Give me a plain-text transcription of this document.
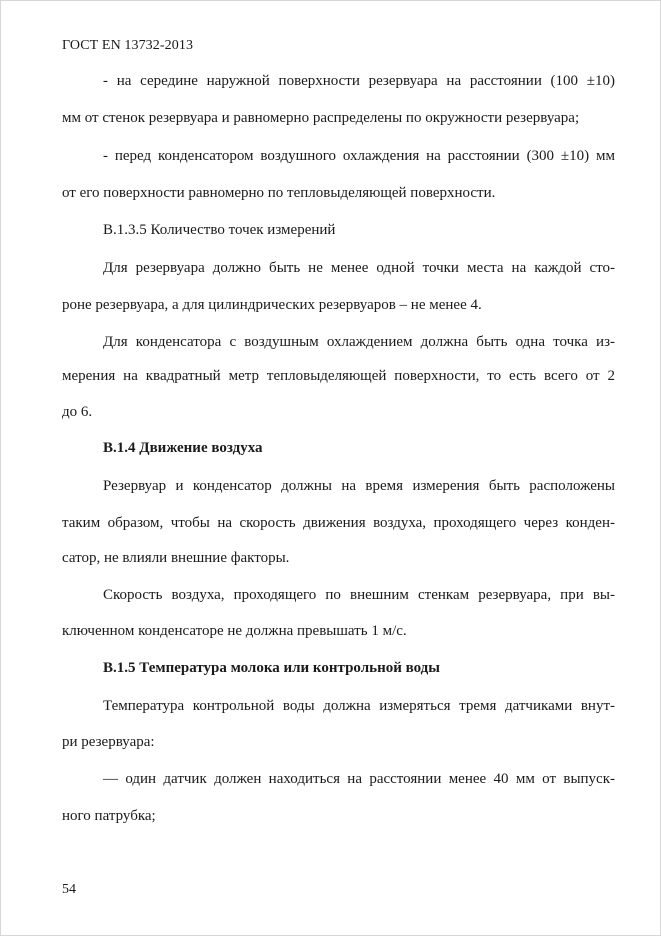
ГОСТ EN 13732-2013
- на середине наружной поверхности резервуара на расстоянии (100 ±10)
мм от стенок резервуара и равномерно распределены по окружности резервуара;
- перед конденсатором воздушного охлаждения на расстоянии (300 ±10) мм
от его поверхности равномерно по тепловыделяющей поверхности.
В.1.3.5 Количество точек измерений
Для резервуара должно быть не менее одной точки места на каждой сто-
роне резервуара, а для цилиндрических резервуаров – не менее 4.
Для конденсатора с воздушным охлаждением должна быть одна точка из-
мерения на квадратный метр тепловыделяющей поверхности, то есть всего от 2
до 6.
В.1.4 Движение воздуха
Резервуар и конденсатор должны на время измерения быть расположены
таким образом, чтобы на скорость движения воздуха, проходящего через конден-
сатор, не влияли внешние факторы.
Скорость воздуха, проходящего по внешним стенкам резервуара, при вы-
ключенном конденсаторе не должна превышать 1 м/с.
В.1.5 Температура молока или контрольной воды
Температура контрольной воды должна измеряться тремя датчиками внут-
ри резервуара:
— один датчик должен находиться на расстоянии менее 40 мм от выпуск-
ного патрубка;
54
